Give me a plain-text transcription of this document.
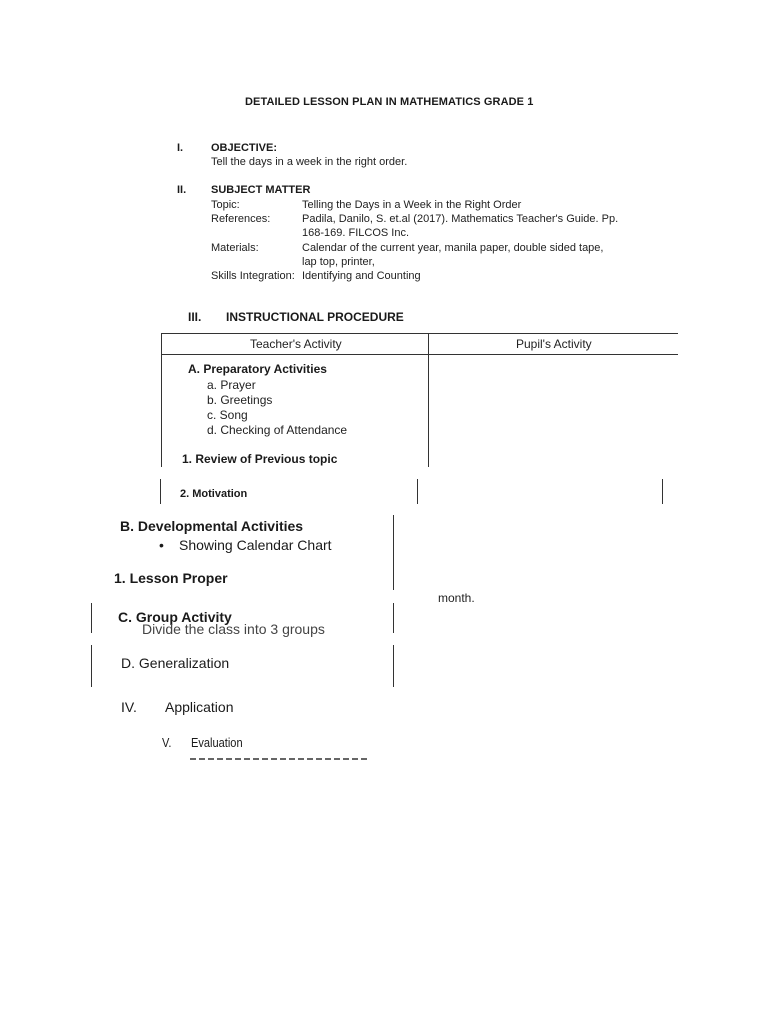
DETAILED LESSON PLAN IN MATHEMATICS GRADE 1
I.	OBJECTIVE:
Tell the days in a week in the right order.
II. SUBJECT MATTER
Topic:	Telling the Days in a Week in the Right Order
References:	Padila, Danilo, S. et.al (2017). Mathematics Teacher's Guide. Pp.
168-169. FILCOS Inc.
Materials:	Calendar of the current year, manila paper, double sided tape,
lap top, printer,
Skills Integration: Identifying and Counting
III. INSTRUCTIONAL PROCEDURE
Teacher's Activity	Pupil's Activity
A. Preparatory Activities
a. Prayer
b. Greetings
c. Song
d. Checking of Attendance
1. Review of Previous topic
2. Motivation
B. Developmental Activities
• Showing Calendar Chart
1. Lesson Proper
month.
C. Group Activity
Divide the class into 3 groups
D. Generalization
IV. Application
V. Evaluation
